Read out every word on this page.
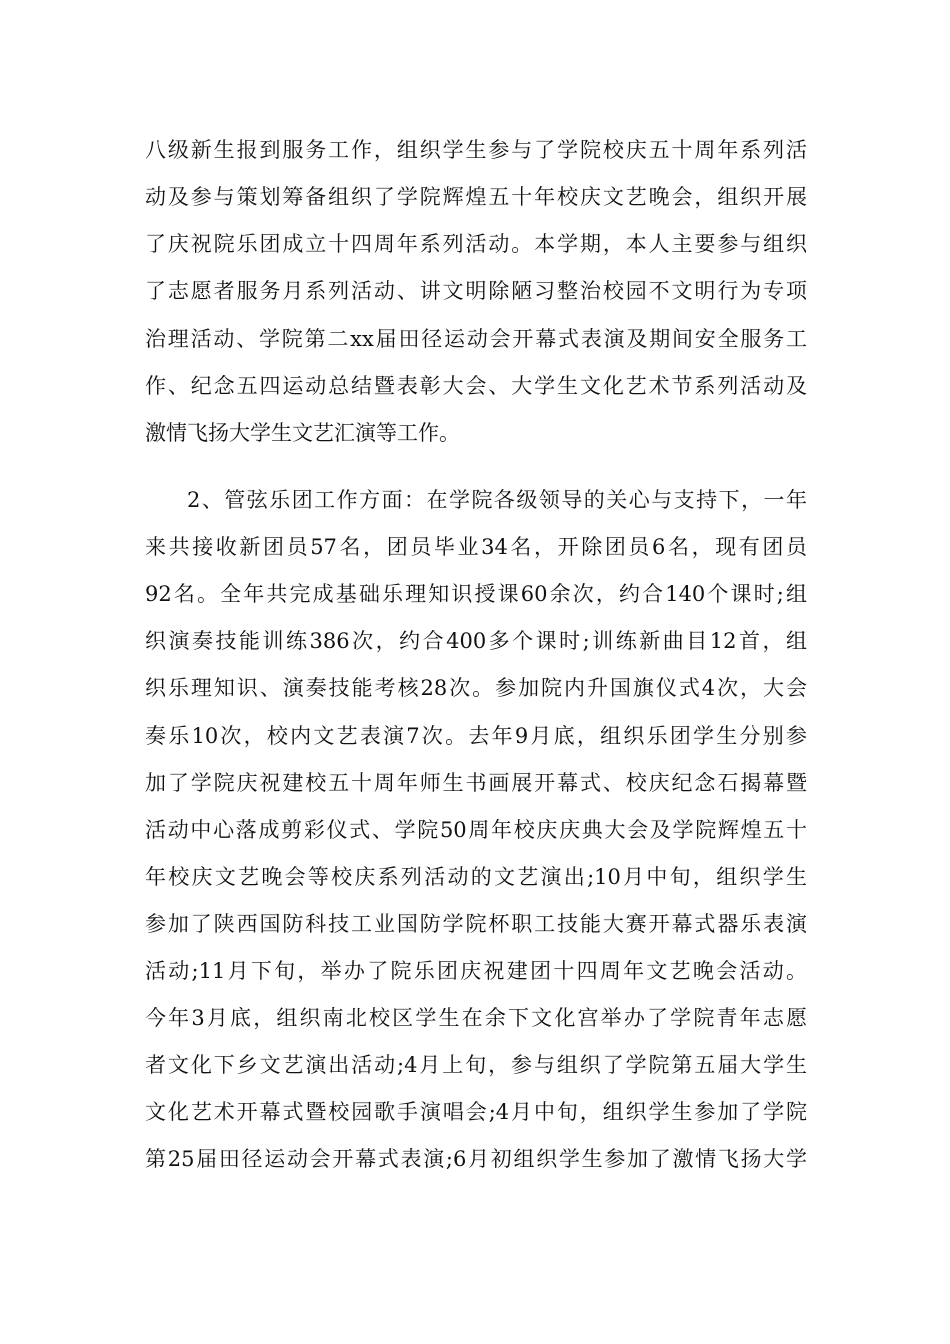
八级新生报到服务工作，组织学生参与了学院校庆五十周年系列活
动及参与策划筹备组织了学院辉煌五十年校庆文艺晚会，组织开展
了庆祝院乐团成立十四周年系列活动。本学期，本人主要参与组织
了志愿者服务月系列活动、讲文明除陋习整治校园不文明行为专项
治理活动、学院第二xx届田径运动会开幕式表演及期间安全服务工
作、纪念五四运动总结暨表彰大会、大学生文化艺术节系列活动及
激情飞扬大学生文艺汇演等工作。
2、管弦乐团工作方面：在学院各级领导的关心与支持下，一年
来共接收新团员57名，团员毕业34名，开除团员6名，现有团员
92名。全年共完成基础乐理知识授课60余次，约合140个课时;组
织演奏技能训练386次，约合400多个课时;训练新曲目12首，组
织乐理知识、演奏技能考核28次。参加院内升国旗仪式4次，大会
奏乐10次，校内文艺表演7次。去年9月底，组织乐团学生分别参
加了学院庆祝建校五十周年师生书画展开幕式、校庆纪念石揭幕暨
活动中心落成剪彩仪式、学院50周年校庆庆典大会及学院辉煌五十
年校庆文艺晚会等校庆系列活动的文艺演出;10月中旬，组织学生
参加了陕西国防科技工业国防学院杯职工技能大赛开幕式器乐表演
活动;11月下旬，举办了院乐团庆祝建团十四周年文艺晚会活动。
今年3月底，组织南北校区学生在余下文化宫举办了学院青年志愿
者文化下乡文艺演出活动;4月上旬，参与组织了学院第五届大学生
文化艺术开幕式暨校园歌手演唱会;4月中旬，组织学生参加了学院
第25届田径运动会开幕式表演;6月初组织学生参加了激情飞扬大学
